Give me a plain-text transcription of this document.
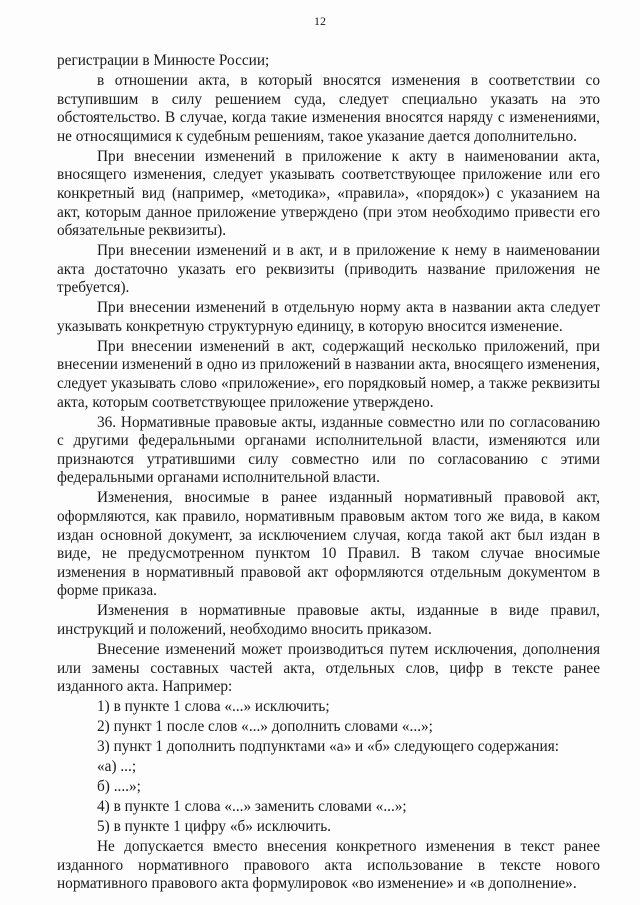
12

регистрации в Минюсте России;

в отношении акта, в который вносятся изменения в соответствии со вступившим в силу решением суда, следует специально указать на это обстоятельство. В случае, когда такие изменения вносятся наряду с изменениями, не относящимися к судебным решениям, такое указание дается дополнительно.

При внесении изменений в приложение к акту в наименовании акта, вносящего изменения, следует указывать соответствующее приложение или его конкретный вид (например, «методика», «правила», «порядок») с указанием на акт, которым данное приложение утверждено (при этом необходимо привести его обязательные реквизиты).

При внесении изменений и в акт, и в приложение к нему в наименовании акта достаточно указать его реквизиты (приводить название приложения не требуется).

При внесении изменений в отдельную норму акта в названии акта следует указывать конкретную структурную единицу, в которую вносится изменение.

При внесении изменений в акт, содержащий несколько приложений, при внесении изменений в одно из приложений в названии акта, вносящего изменения, следует указывать слово «приложение», его порядковый номер, а также реквизиты акта, которым соответствующее приложение утверждено.

36. Нормативные правовые акты, изданные совместно или по согласованию с другими федеральными органами исполнительной власти, изменяются или признаются утратившими силу совместно или по согласованию с этими федеральными органами исполнительной власти.

Изменения, вносимые в ранее изданный нормативный правовой акт, оформляются, как правило, нормативным правовым актом того же вида, в каком издан основной документ, за исключением случая, когда такой акт был издан в виде, не предусмотренном пунктом 10 Правил. В таком случае вносимые изменения в нормативный правовой акт оформляются отдельным документом в форме приказа.

Изменения в нормативные правовые акты, изданные в виде правил, инструкций и положений, необходимо вносить приказом.

Внесение изменений может производиться путем исключения, дополнения или замены составных частей акта, отдельных слов, цифр в тексте ранее изданного акта. Например:

1) в пункте 1 слова «...» исключить;

2) пункт 1 после слов «...» дополнить словами «...»;

3) пункт 1 дополнить подпунктами «а» и «б» следующего содержания:

«а) ...;

б) ....»;

4) в пункте 1 слова «...» заменить словами «...»;

5) в пункте 1 цифру «б» исключить.

Не допускается вместо внесения конкретного изменения в текст ранее изданного нормативного правового акта использование в тексте нового нормативного правового акта формулировок «во изменение» и «в дополнение».
